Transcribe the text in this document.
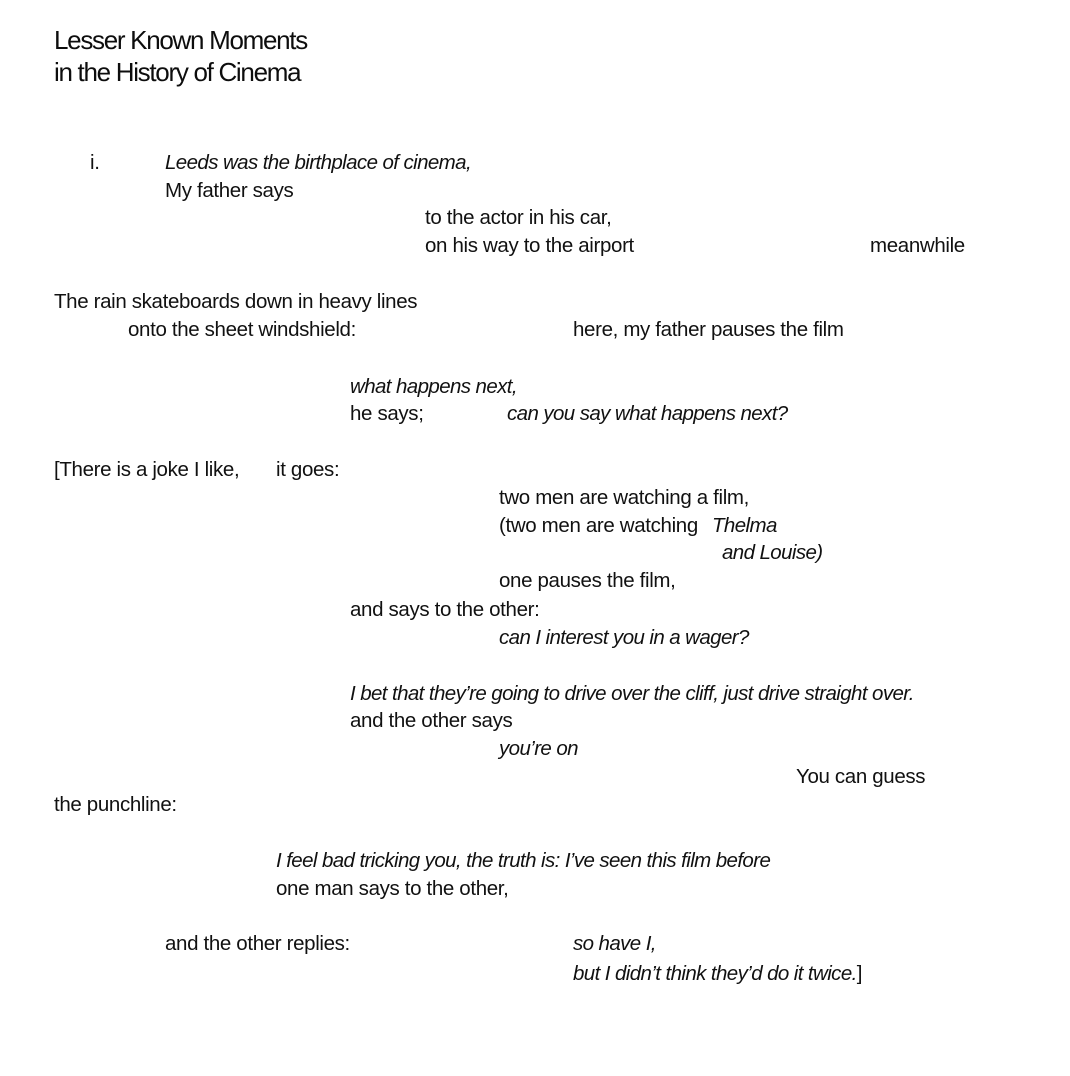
Lesser Known Moments
in the History of Cinema
i.	Leeds was the birthplace of cinema,
My father says
to the actor in his car,
on his way to the airport	meanwhile
The rain skateboards down in heavy lines
onto the sheet windshield:	here, my father pauses the film
what happens next,
he says;	can you say what happens next?
[There is a joke I like, it goes:
two men are watching a film,
(two men are watching Thelma
and Louise)
one pauses the film,
and says to the other:
can I interest you in a wager?
I bet that they’re going to drive over the cliff, just drive straight over.
and the other says
you’re on
You can guess
the punchline:
I feel bad tricking you, the truth is: I’ve seen this film before
one man says to the other,
and the other replies:	so have I,
but I didn’t think they’d do it twice.]
